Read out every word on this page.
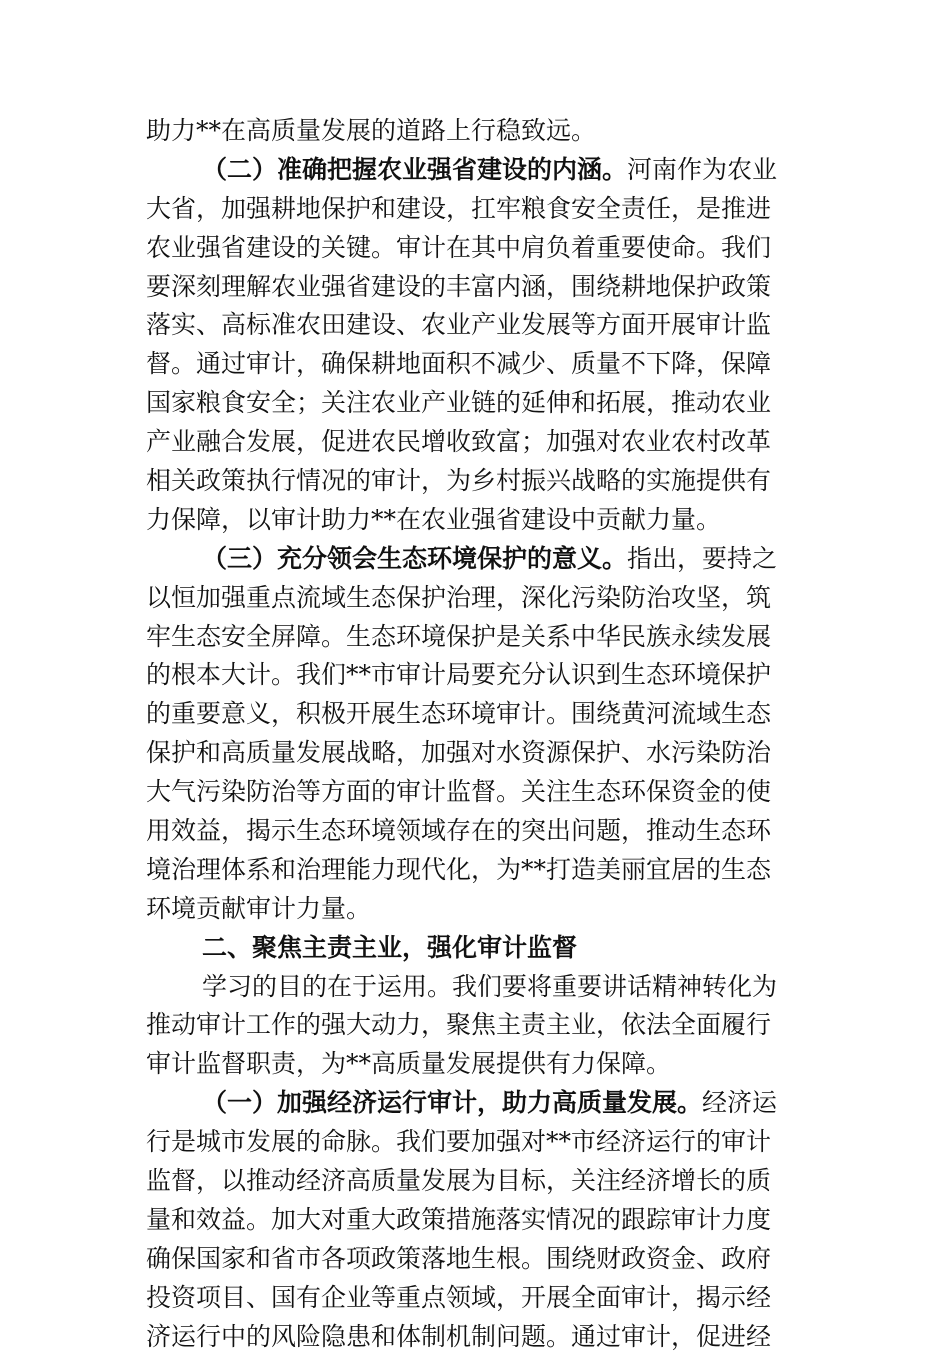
助力**在高质量发展的道路上行稳致远。
（二）准确把握农业强省建设的内涵。河南作为农业
大省，加强耕地保护和建设，扛牢粮食安全责任，是推进
农业强省建设的关键。审计在其中肩负着重要使命。我们
要深刻理解农业强省建设的丰富内涵，围绕耕地保护政策
落实、高标准农田建设、农业产业发展等方面开展审计监
督。通过审计，确保耕地面积不减少、质量不下降，保障
国家粮食安全；关注农业产业链的延伸和拓展，推动农业
产业融合发展，促进农民增收致富；加强对农业农村改革
相关政策执行情况的审计，为乡村振兴战略的实施提供有
力保障，以审计助力**在农业强省建设中贡献力量。
（三）充分领会生态环境保护的意义。指出，要持之
以恒加强重点流域生态保护治理，深化污染防治攻坚，筑
牢生态安全屏障。生态环境保护是关系中华民族永续发展
的根本大计。我们**市审计局要充分认识到生态环境保护
的重要意义，积极开展生态环境审计。围绕黄河流域生态
保护和高质量发展战略，加强对水资源保护、水污染防治
大气污染防治等方面的审计监督。关注生态环保资金的使
用效益，揭示生态环境领域存在的突出问题，推动生态环
境治理体系和治理能力现代化，为**打造美丽宜居的生态
环境贡献审计力量。
二、聚焦主责主业，强化审计监督
学习的目的在于运用。我们要将重要讲话精神转化为
推动审计工作的强大动力，聚焦主责主业，依法全面履行
审计监督职责，为**高质量发展提供有力保障。
（一）加强经济运行审计，助力高质量发展。经济运
行是城市发展的命脉。我们要加强对**市经济运行的审计
监督，以推动经济高质量发展为目标，关注经济增长的质
量和效益。加大对重大政策措施落实情况的跟踪审计力度
确保国家和省市各项政策落地生根。围绕财政资金、政府
投资项目、国有企业等重点领域，开展全面审计，揭示经
济运行中的风险隐患和体制机制问题。通过审计，促进经
